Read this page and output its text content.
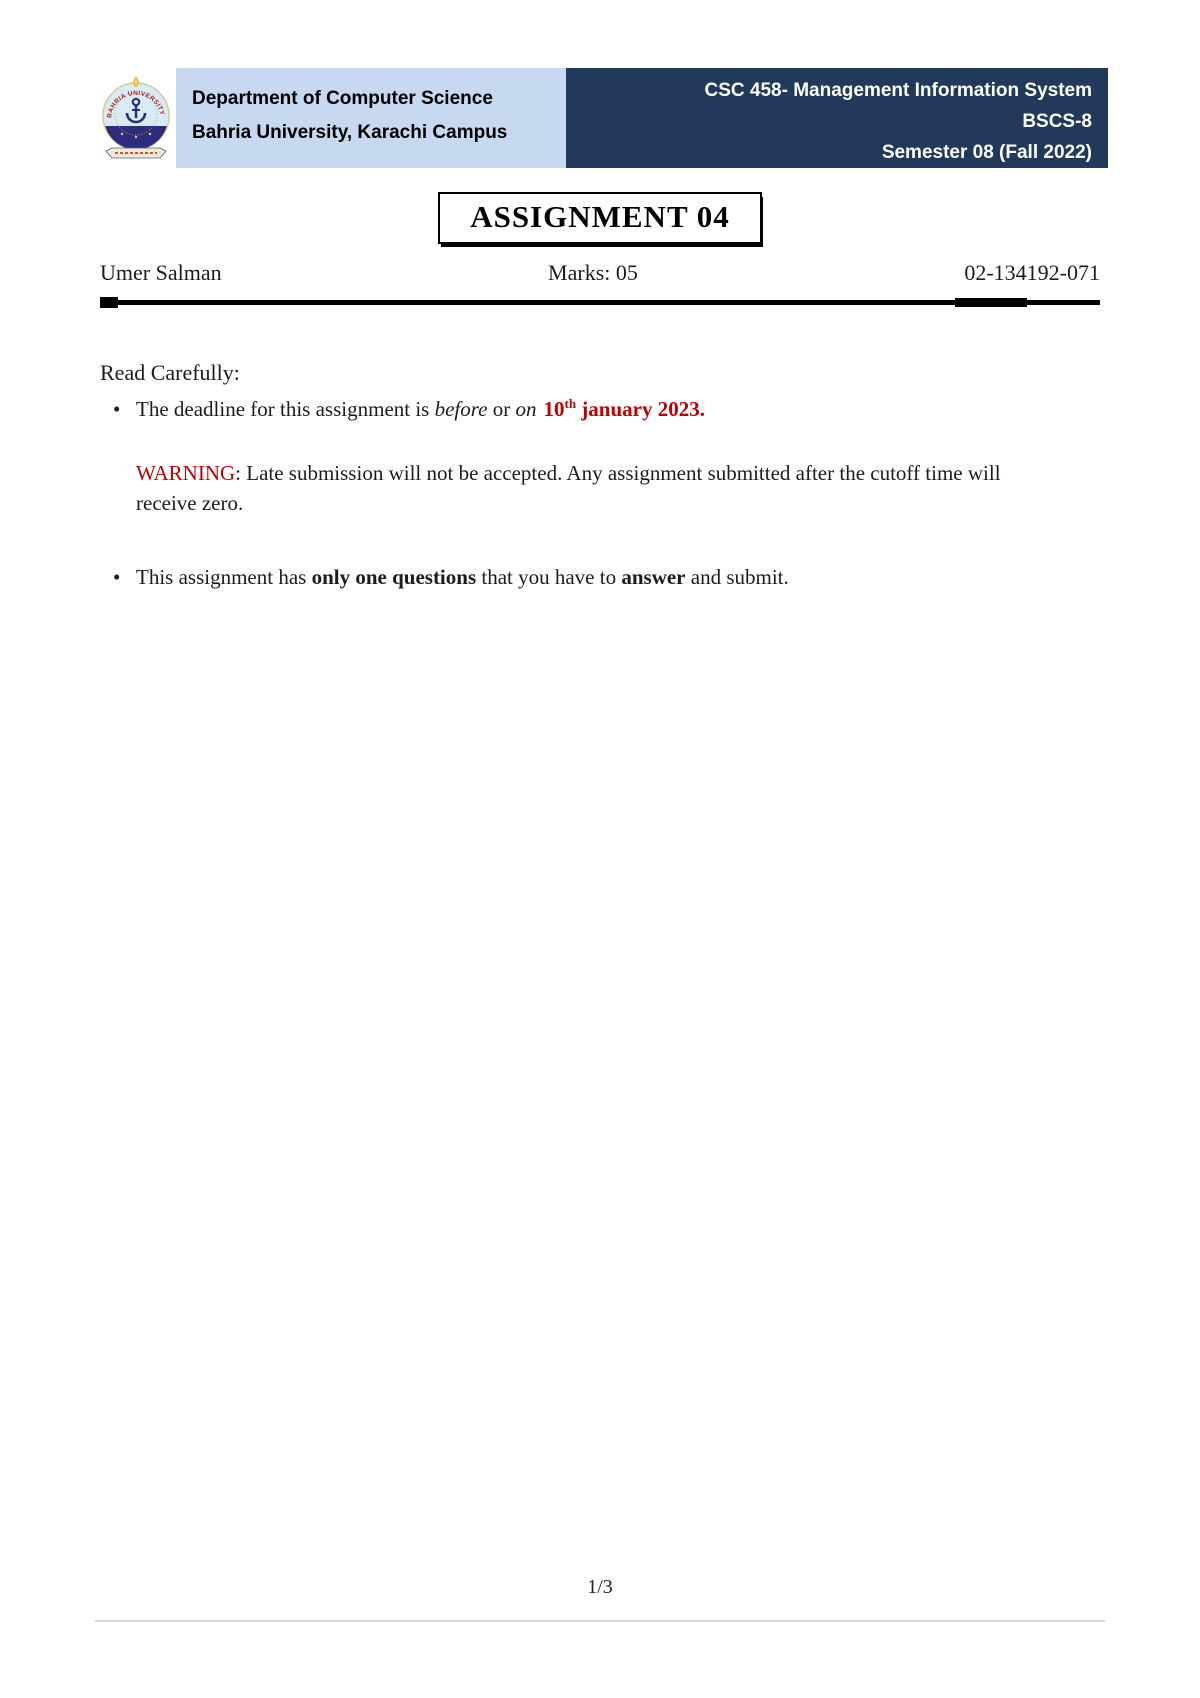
BAHRIA UNIVERSITY
Department of Computer Science
Bahria University, Karachi Campus
CSC 458- Management Information System
BSCS-8
Semester 08 (Fall 2022)
ASSIGNMENT 04
Umer Salman	Marks: 05	02-134192-071

Read Carefully:

• The deadline for this assignment is before or on 10th january 2023.

WARNING: Late submission will not be accepted. Any assignment submitted after the cutoff time will receive zero.

• This assignment has only one questions that you have to answer and submit.

1/3
